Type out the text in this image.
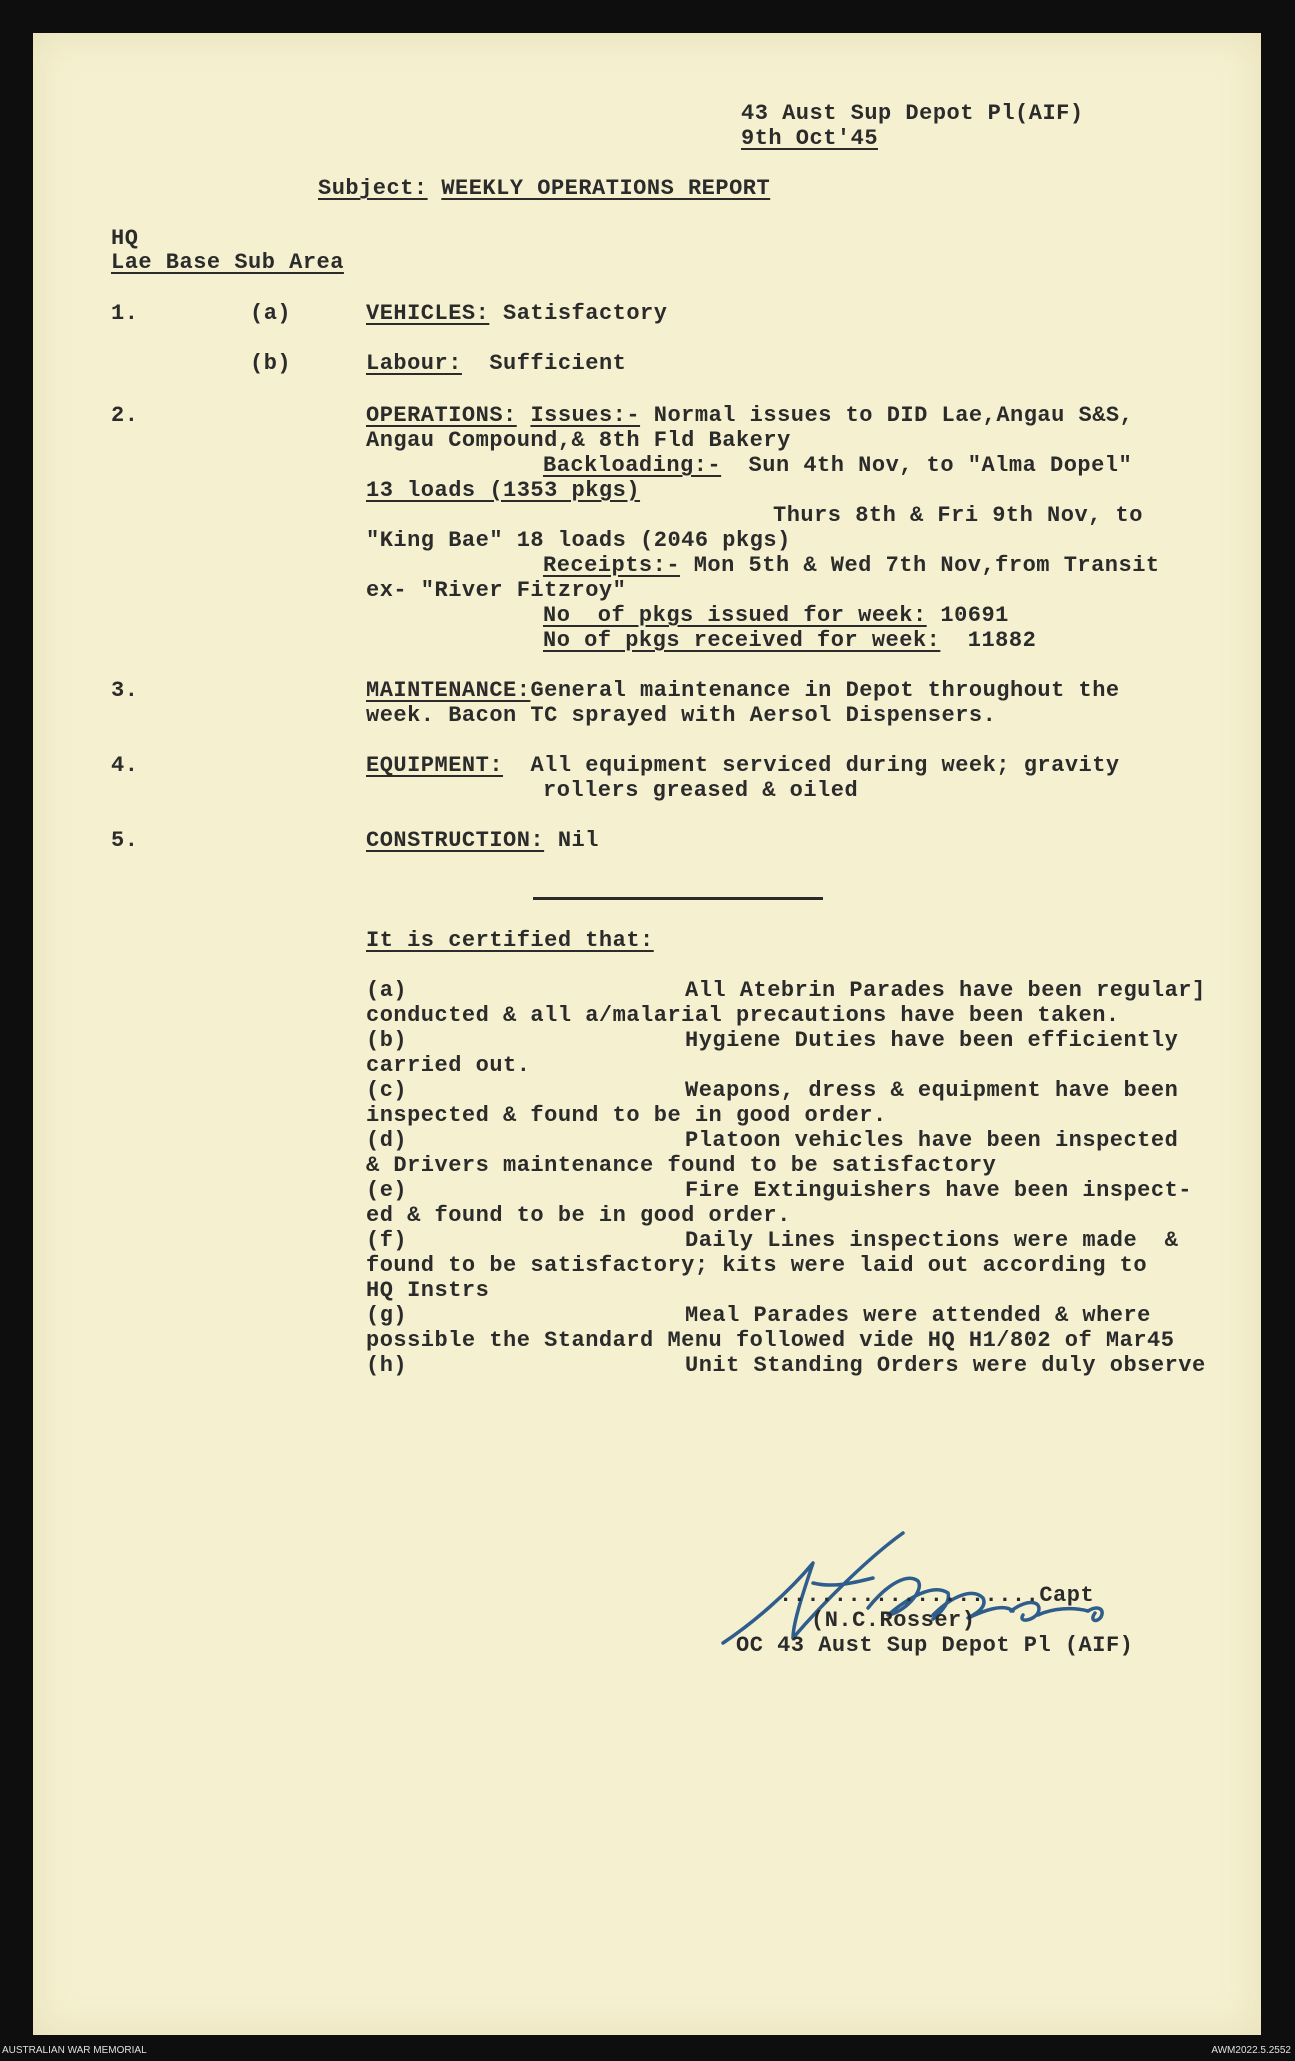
43 Aust Sup Depot Pl(AIF)
9th Oct'45
Subject: WEEKLY OPERATIONS REPORT
HQ
Lae Base Sub Area
1.	(a)	VEHICLES: Satisfactory
(b)	Labour: Sufficient
2.	OPERATIONS: Issues:- Normal issues to DID Lae,Angau S&S,
Angau Compound,& 8th Fld Bakery
Backloading:- Sun 4th Nov, to "Alma Dopel"
13 loads (1353 pkgs)
Thurs 8th & Fri 9th Nov, to
"King Bae" 18 loads (2046 pkgs)
Receipts:- Mon 5th & Wed 7th Nov,from Transit
ex- "River Fitzroy"
No  of pkgs issued for week: 10691
No of pkgs received for week: 11882
3.	MAINTENANCE:General maintenance in Depot throughout the
week. Bacon TC sprayed with Aersol Dispensers.
4.	EQUIPMENT: All equipment serviced during week; gravity
rollers greased & oiled
5.	CONSTRUCTION: Nil
It is certified that:
(a)	All Atebrin Parades have been regular]
conducted & all a/malarial precautions have been taken.
(b)	Hygiene Duties have been efficiently
carried out.
(c)	Weapons, dress & equipment have been
inspected & found to be in good order.
(d)	Platoon vehicles have been inspected
& Drivers maintenance found to be satisfactory
(e)	Fire Extinguishers have been inspect-
ed & found to be in good order.
(f)	Daily Lines inspections were made  &
found to be satisfactory; kits were laid out according to
HQ Instrs
(g)	Meal Parades were attended & where
possible the Standard Menu followed vide HQ H1/802 of Mar45
(h)	Unit Standing Orders were duly observe
...................Capt
(N.C.Rosser)
OC 43 Aust Sup Depot Pl (AIF)
AUSTRALIAN WAR MEMORIAL	AWM2022.5.2552
